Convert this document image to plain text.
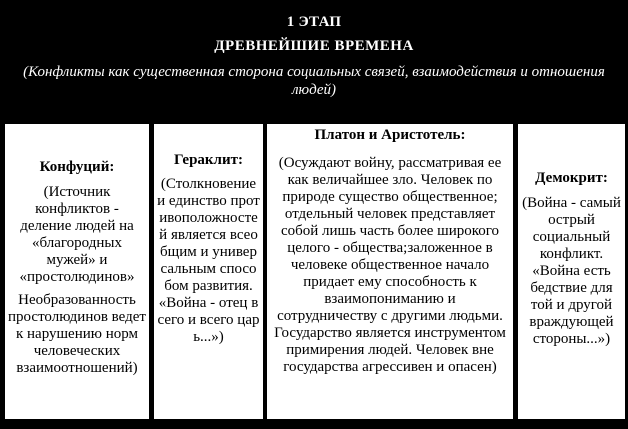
1 ЭТАП
ДРЕВНЕЙШИЕ ВРЕМЕНА
(Конфликты как существенная сторона социальных связей, взаимодействия и отношения людей)
Конфуций:
(Источник конфликтов - деление людей на «благородных мужей» и «простолюдинов»
Необразованность простолюдинов ведет к нарушению норм человеческих взаимоотношений)
Гераклит:
(Столкновение и единство противоположностей является всеобщим и универсальным способом развития. «Война - отец всего и всего царь...»)
Платон и Аристотель:
(Осуждают войну, рассматривая ее как величайшее зло. Человек по природе существо общественное; отдельный человек представляет собой лишь часть более широкого целого - общества;заложенное в человеке общественное начало придает ему способность к взаимопониманию и сотрудничеству с другими людьми. Государство является инструментом примирения людей. Человек вне государства агрессивен и опасен)
Демокрит:
(Война - самый острый социальный конфликт. «Война есть бедствие для той и другой враждующей стороны...»)
